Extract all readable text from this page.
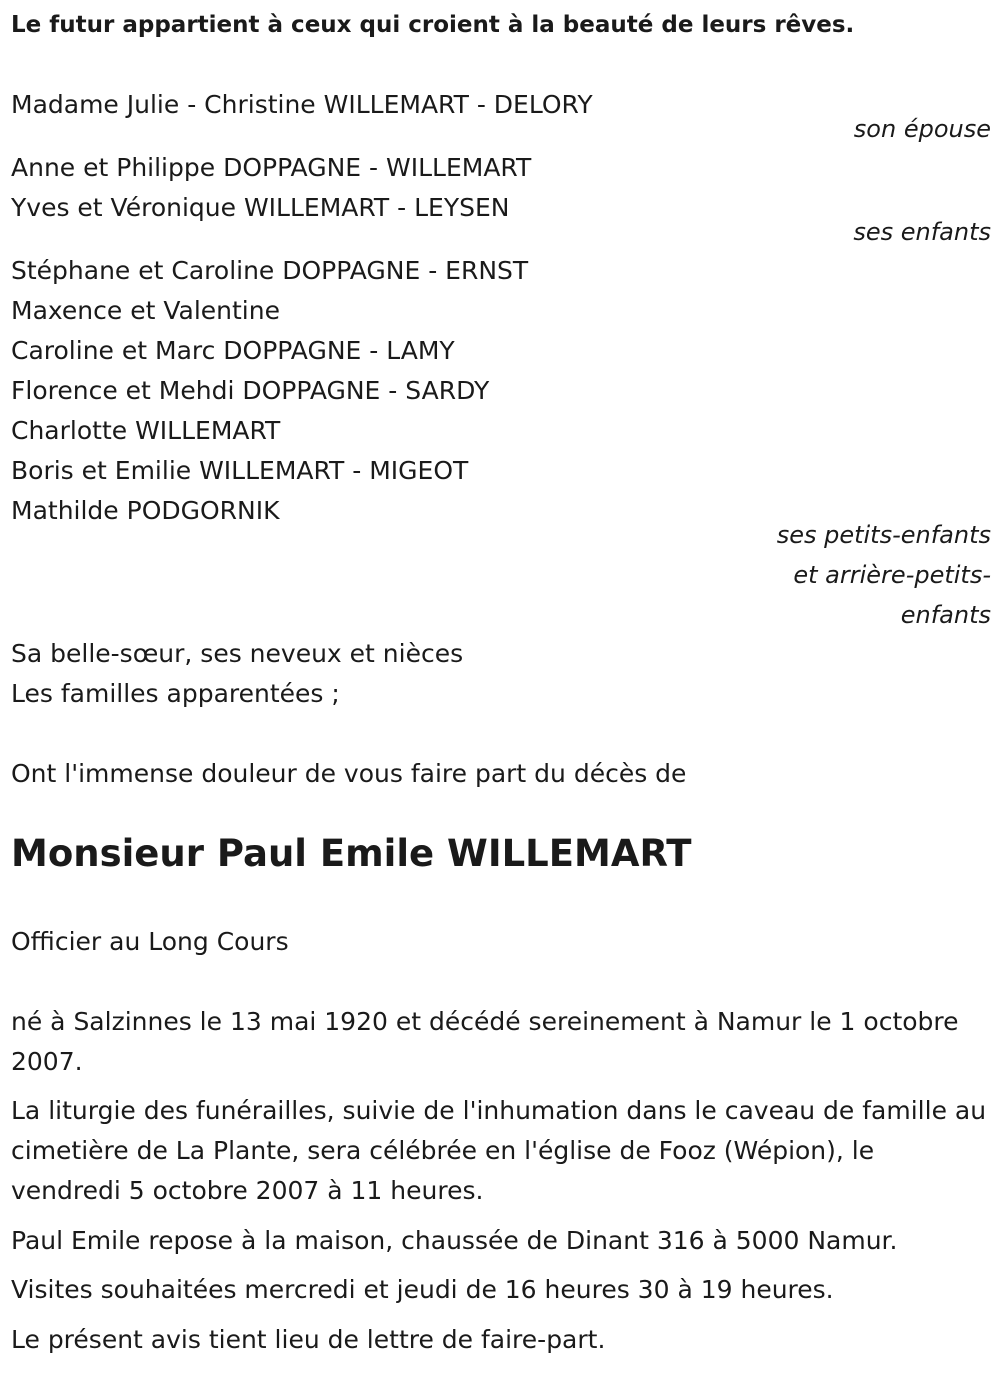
Le futur appartient à ceux qui croient à la beauté de leurs rêves.
Madame Julie - Christine WILLEMART - DELORY
son épouse
Anne et Philippe DOPPAGNE - WILLEMART
Yves et Véronique WILLEMART - LEYSEN
ses enfants
Stéphane et Caroline DOPPAGNE - ERNST
Maxence et Valentine
Caroline et Marc DOPPAGNE - LAMY
Florence et Mehdi DOPPAGNE - SARDY
Charlotte WILLEMART
Boris et Emilie WILLEMART - MIGEOT
Mathilde PODGORNIK
ses petits-enfants et arrière-petits-enfants
Sa belle-sœur, ses neveux et nièces
Les familles apparentées ;
Ont l'immense douleur de vous faire part du décès de
Monsieur Paul Emile WILLEMART
Officier au Long Cours
né à Salzinnes le 13 mai 1920 et décédé sereinement à Namur le 1 octobre 2007.
La liturgie des funérailles, suivie de l'inhumation dans le caveau de famille au cimetière de La Plante, sera célébrée en l'église de Fooz (Wépion), le vendredi 5 octobre 2007 à 11 heures.
Paul Emile repose à la maison, chaussée de Dinant 316 à 5000 Namur.
Visites souhaitées mercredi et jeudi de 16 heures 30 à 19 heures.
Le présent avis tient lieu de lettre de faire-part.
